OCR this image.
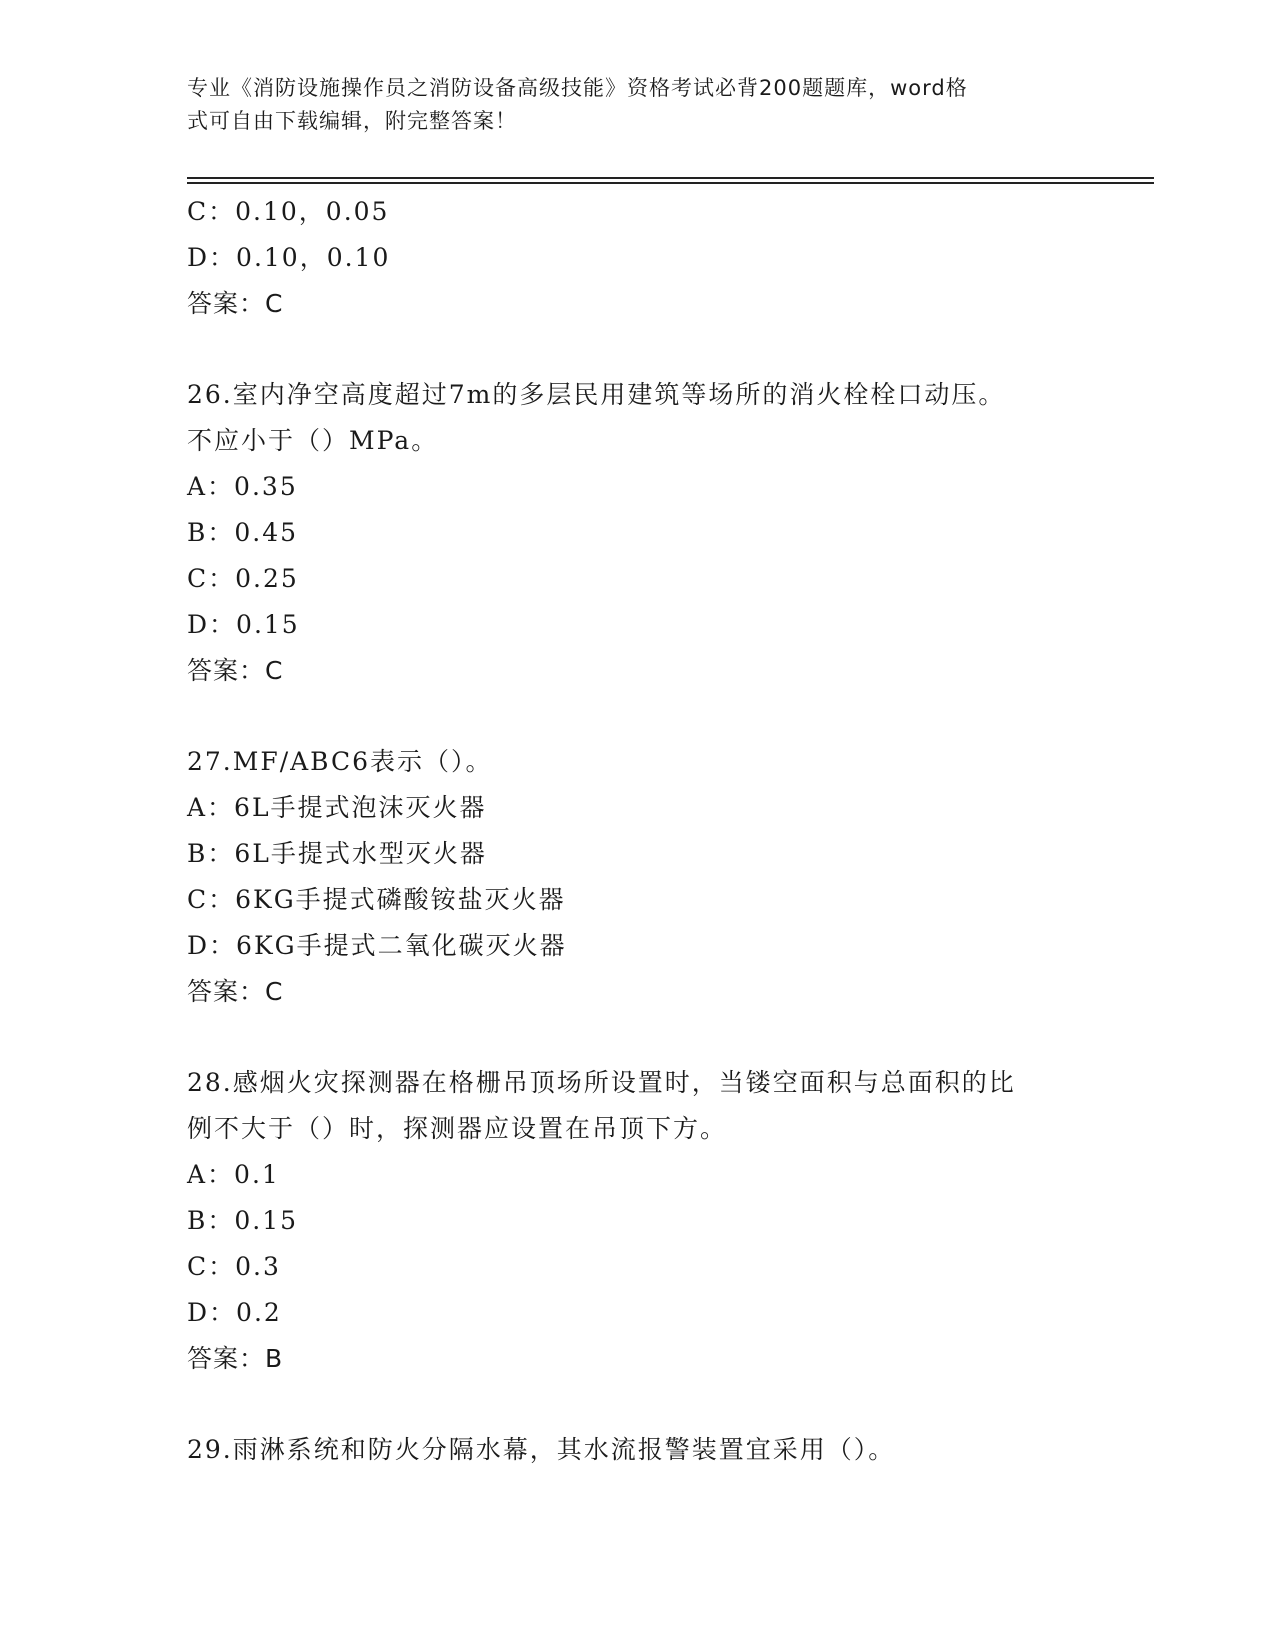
专业《消防设施操作员之消防设备高级技能》资格考试必背200题题库，word格
式可自由下载编辑，附完整答案！
C：0.10，0.05
D：0.10，0.10
答案：C
26.室内净空高度超过7m的多层民用建筑等场所的消火栓栓口动压。
不应小于（）MPa。
A：0.35
B：0.45
C：0.25
D：0.15
答案：C
27.MF/ABC6表示（）。
A：6L手提式泡沫灭火器
B：6L手提式水型灭火器
C：6KG手提式磷酸铵盐灭火器
D：6KG手提式二氧化碳灭火器
答案：C
28.感烟火灾探测器在格栅吊顶场所设置时，当镂空面积与总面积的比
例不大于（）时，探测器应设置在吊顶下方。
A：0.1
B：0.15
C：0.3
D：0.2
答案：B
29.雨淋系统和防火分隔水幕，其水流报警装置宜采用（）。
